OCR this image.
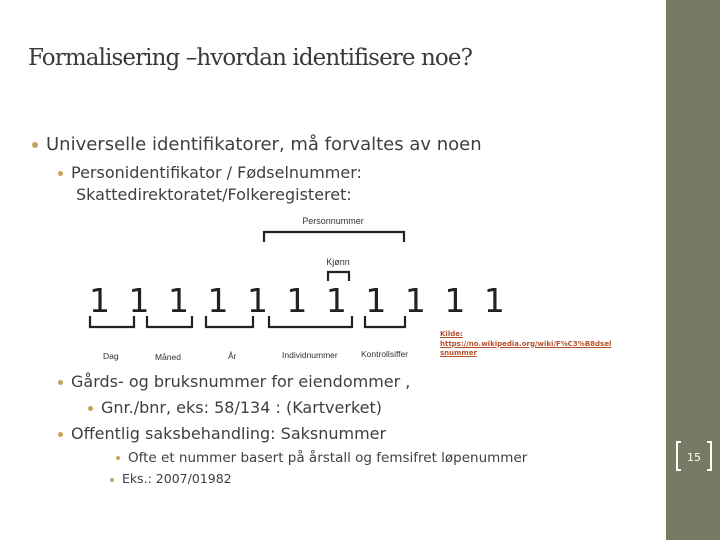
Formalisering –hvordan identifisere noe?
Universelle identifikatorer, må forvaltes av noen
Personidentifikator / Fødselnummer:
Skattedirektoratet/Folkeregisteret:
Personnummer
Kjønn
1 1 1 1 1 1 1 1 1 1 1
Dag	Måned	År	Individnummer	Kontrollsiffer
Kilde:
https://no.wikipedia.org/wiki/F%C3%B8dsel
snummer
Gårds- og bruksnummer for eiendommer ,
Gnr./bnr, eks: 58/134 : (Kartverket)
Offentlig saksbehandling: Saksnummer
Ofte et nummer basert på årstall og femsifret løpenummer
Eks.: 2007/01982
15
